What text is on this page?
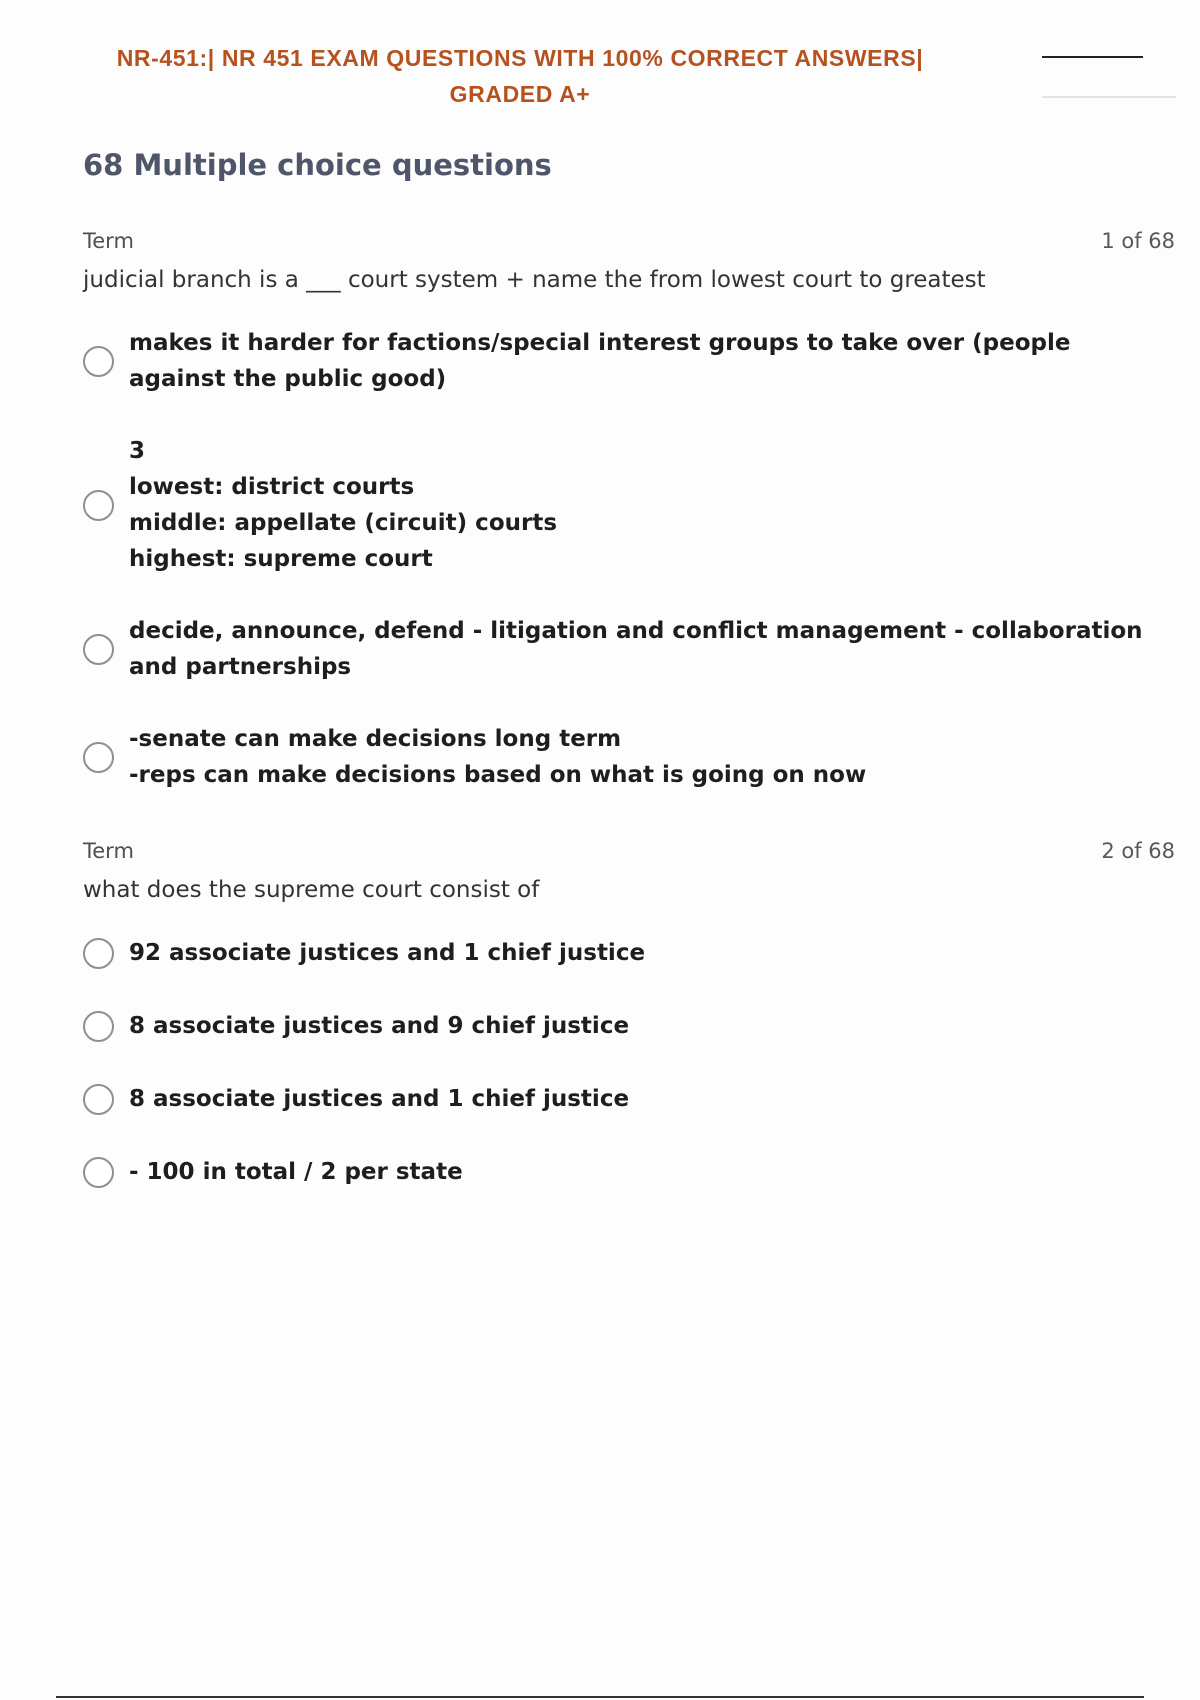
NR-451:| NR 451 EXAM QUESTIONS WITH 100% CORRECT ANSWERS|
GRADED A+
68 Multiple choice questions
Term	1 of 68
judicial branch is a ___ court system + name the from lowest court to greatest
makes it harder for factions/special interest groups to take over (people against the public good)
3
lowest: district courts
middle: appellate (circuit) courts
highest: supreme court
decide, announce, defend - litigation and conflict management - collaboration and partnerships
-senate can make decisions long term
-reps can make decisions based on what is going on now
Term	2 of 68
what does the supreme court consist of
92 associate justices and 1 chief justice
8 associate justices and 9 chief justice
8 associate justices and 1 chief justice
- 100 in total / 2 per state
